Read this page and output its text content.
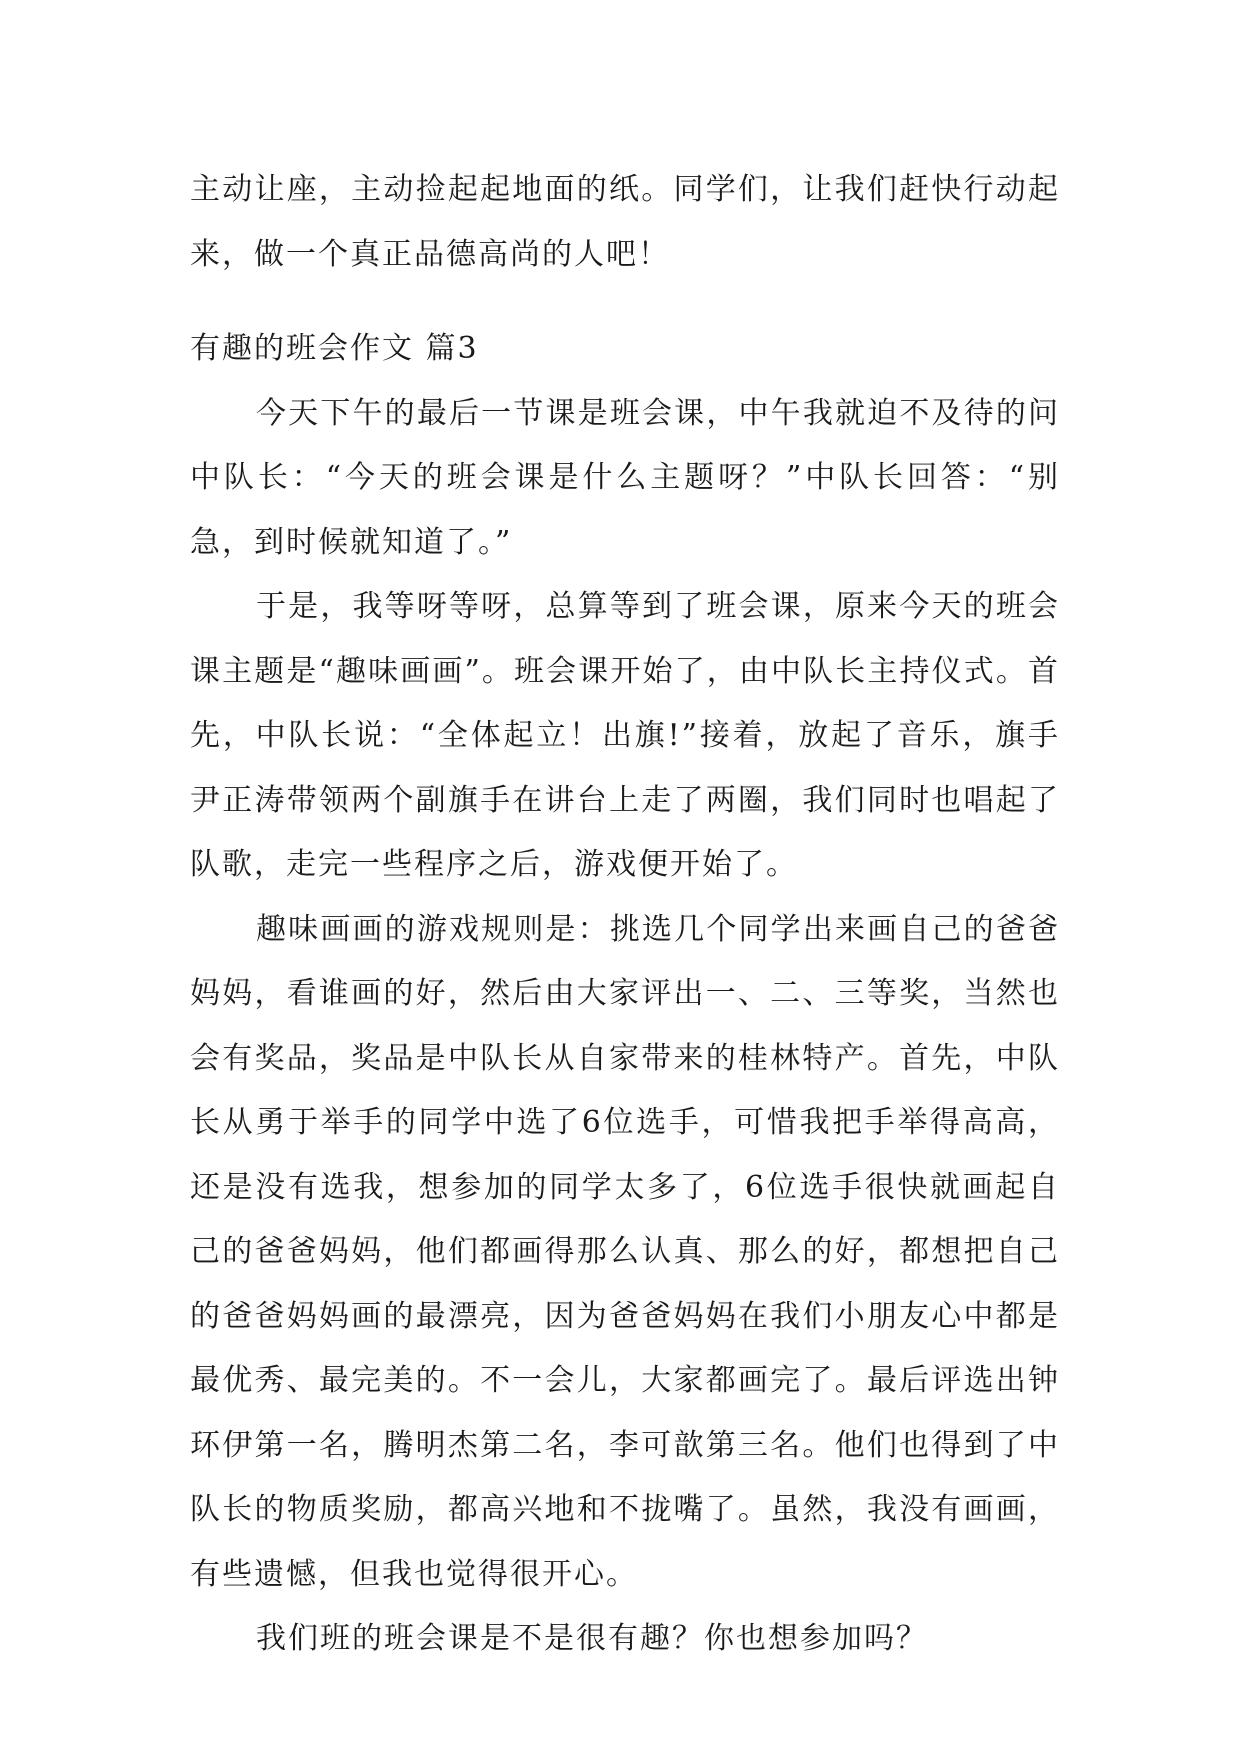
主动让座，主动捡起起地面的纸。同学们，让我们赶快行动起来，做一个真正品德高尚的人吧！

有趣的班会作文 篇3

今天下午的最后一节课是班会课，中午我就迫不及待的问中队长：“今天的班会课是什么主题呀？”中队长回答：“别急，到时候就知道了。”

于是，我等呀等呀，总算等到了班会课，原来今天的班会课主题是“趣味画画”。班会课开始了，由中队长主持仪式。首先，中队长说：“全体起立！出旗!”接着，放起了音乐，旗手尹正涛带领两个副旗手在讲台上走了两圈，我们同时也唱起了队歌，走完一些程序之后，游戏便开始了。

趣味画画的游戏规则是：挑选几个同学出来画自己的爸爸妈妈，看谁画的好，然后由大家评出一、二、三等奖，当然也会有奖品，奖品是中队长从自家带来的桂林特产。首先，中队长从勇于举手的同学中选了6位选手，可惜我把手举得高高，还是没有选我，想参加的同学太多了，6位选手很快就画起自己的爸爸妈妈，他们都画得那么认真、那么的好，都想把自己的爸爸妈妈画的最漂亮，因为爸爸妈妈在我们小朋友心中都是最优秀、最完美的。不一会儿，大家都画完了。最后评选出钟环伊第一名，腾明杰第二名，李可歆第三名。他们也得到了中队长的物质奖励，都高兴地和不拢嘴了。虽然，我没有画画，有些遗憾，但我也觉得很开心。

我们班的班会课是不是很有趣？你也想参加吗？
